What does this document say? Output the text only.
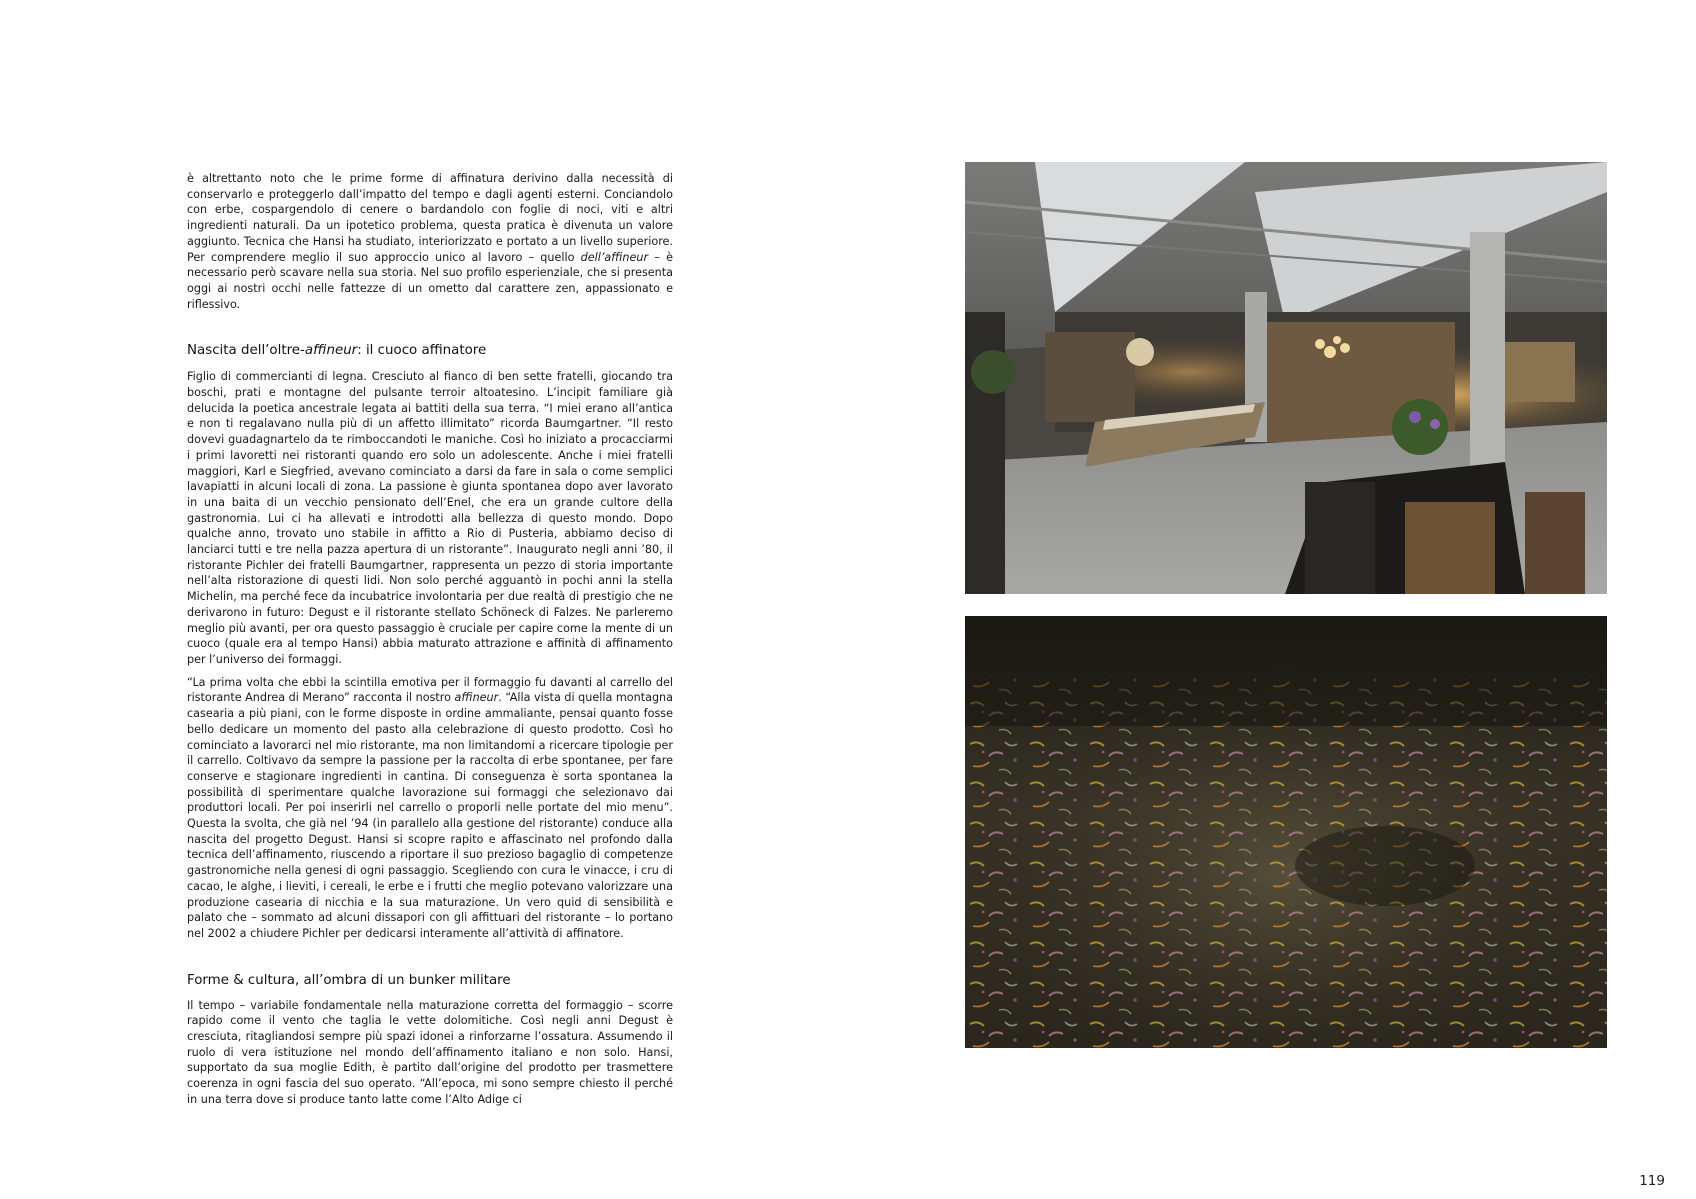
è altrettanto noto che le prime forme di affinatura derivino dalla necessità di conservarlo e proteggerlo dall’impatto del tempo e dagli agenti esterni. Conciandolo con erbe, cospargendolo di cenere o bardandolo con foglie di noci, viti e altri ingredienti naturali. Da un ipotetico problema, questa pratica è divenuta un valore aggiunto. Tecnica che Hansi ha studiato, interiorizzato e portato a un livello superiore. Per comprendere meglio il suo approccio unico al lavoro – quello dell’affineur – è necessario però scavare nella sua storia. Nel suo profilo esperienziale, che si presenta oggi ai nostri occhi nelle fattezze di un ometto dal carattere zen, appassionato e riflessivo.

Nascita dell’oltre-affineur: il cuoco affinatore

Figlio di commercianti di legna. Cresciuto al fianco di ben sette fratelli, giocando tra boschi, prati e montagne del pulsante terroir altoatesino. L’incipit familiare già delucida la poetica ancestrale legata ai battiti della sua terra. “I miei erano all’antica e non ti regalavano nulla più di un affetto illimitato” ricorda Baumgartner. “Il resto dovevi guadagnartelo da te rimboccandoti le maniche. Così ho iniziato a procacciarmi i primi lavoretti nei ristoranti quando ero solo un adolescente. Anche i miei fratelli maggiori, Karl e Siegfried, avevano cominciato a darsi da fare in sala o come semplici lavapiatti in alcuni locali di zona. La passione è giunta spontanea dopo aver lavorato in una baita di un vecchio pensionato dell’Enel, che era un grande cultore della gastronomia. Lui ci ha allevati e introdotti alla bellezza di questo mondo. Dopo qualche anno, trovato uno stabile in affitto a Rio di Pusteria, abbiamo deciso di lanciarci tutti e tre nella pazza apertura di un ristorante”. Inaugurato negli anni ’80, il ristorante Pichler dei fratelli Baumgartner, rappresenta un pezzo di storia importante nell’alta ristorazione di questi lidi. Non solo perché agguantò in pochi anni la stella Michelin, ma perché fece da incubatrice involontaria per due realtà di prestigio che ne derivarono in futuro: Degust e il ristorante stellato Schöneck di Falzes. Ne parleremo meglio più avanti, per ora questo passaggio è cruciale per capire come la mente di un cuoco (quale era al tempo Hansi) abbia maturato attrazione e affinità di affinamento per l’universo dei formaggi.

“La prima volta che ebbi la scintilla emotiva per il formaggio fu davanti al carrello del ristorante Andrea di Merano” racconta il nostro affineur. “Alla vista di quella montagna casearia a più piani, con le forme disposte in ordine ammaliante, pensai quanto fosse bello dedicare un momento del pasto alla celebrazione di questo prodotto. Così ho cominciato a lavorarci nel mio ristorante, ma non limitandomi a ricercare tipologie per il carrello. Coltivavo da sempre la passione per la raccolta di erbe spontanee, per fare conserve e stagionare ingredienti in cantina. Di conseguenza è sorta spontanea la possibilità di sperimentare qualche lavorazione sui formaggi che selezionavo dai produttori locali. Per poi inserirli nel carrello o proporli nelle portate del mio menu”. Questa la svolta, che già nel ’94 (in parallelo alla gestione del ristorante) conduce alla nascita del progetto Degust. Hansi si scopre rapito e affascinato nel profondo dalla tecnica dell’affinamento, riuscendo a riportare il suo prezioso bagaglio di competenze gastronomiche nella genesi di ogni passaggio. Scegliendo con cura le vinacce, i cru di cacao, le alghe, i lieviti, i cereali, le erbe e i frutti che meglio potevano valorizzare una produzione casearia di nicchia e la sua maturazione. Un vero quid di sensibilità e palato che – sommato ad alcuni dissapori con gli affittuari del ristorante – lo portano nel 2002 a chiudere Pichler per dedicarsi interamente all’attività di affinatore.

Forme & cultura, all’ombra di un bunker militare

Il tempo – variabile fondamentale nella maturazione corretta del formaggio – scorre rapido come il vento che taglia le vette dolomitiche. Così negli anni Degust è cresciuta, ritagliandosi sempre più spazi idonei a rinforzarne l’ossatura. Assumendo il ruolo di vera istituzione nel mondo dell’affinamento italiano e non solo. Hansi, supportato da sua moglie Edith, è partito dall’origine del prodotto per trasmettere coerenza in ogni fascia del suo operato. “All’epoca, mi sono sempre chiesto il perché in una terra dove si produce tanto latte come l’Alto Adige ci

119
